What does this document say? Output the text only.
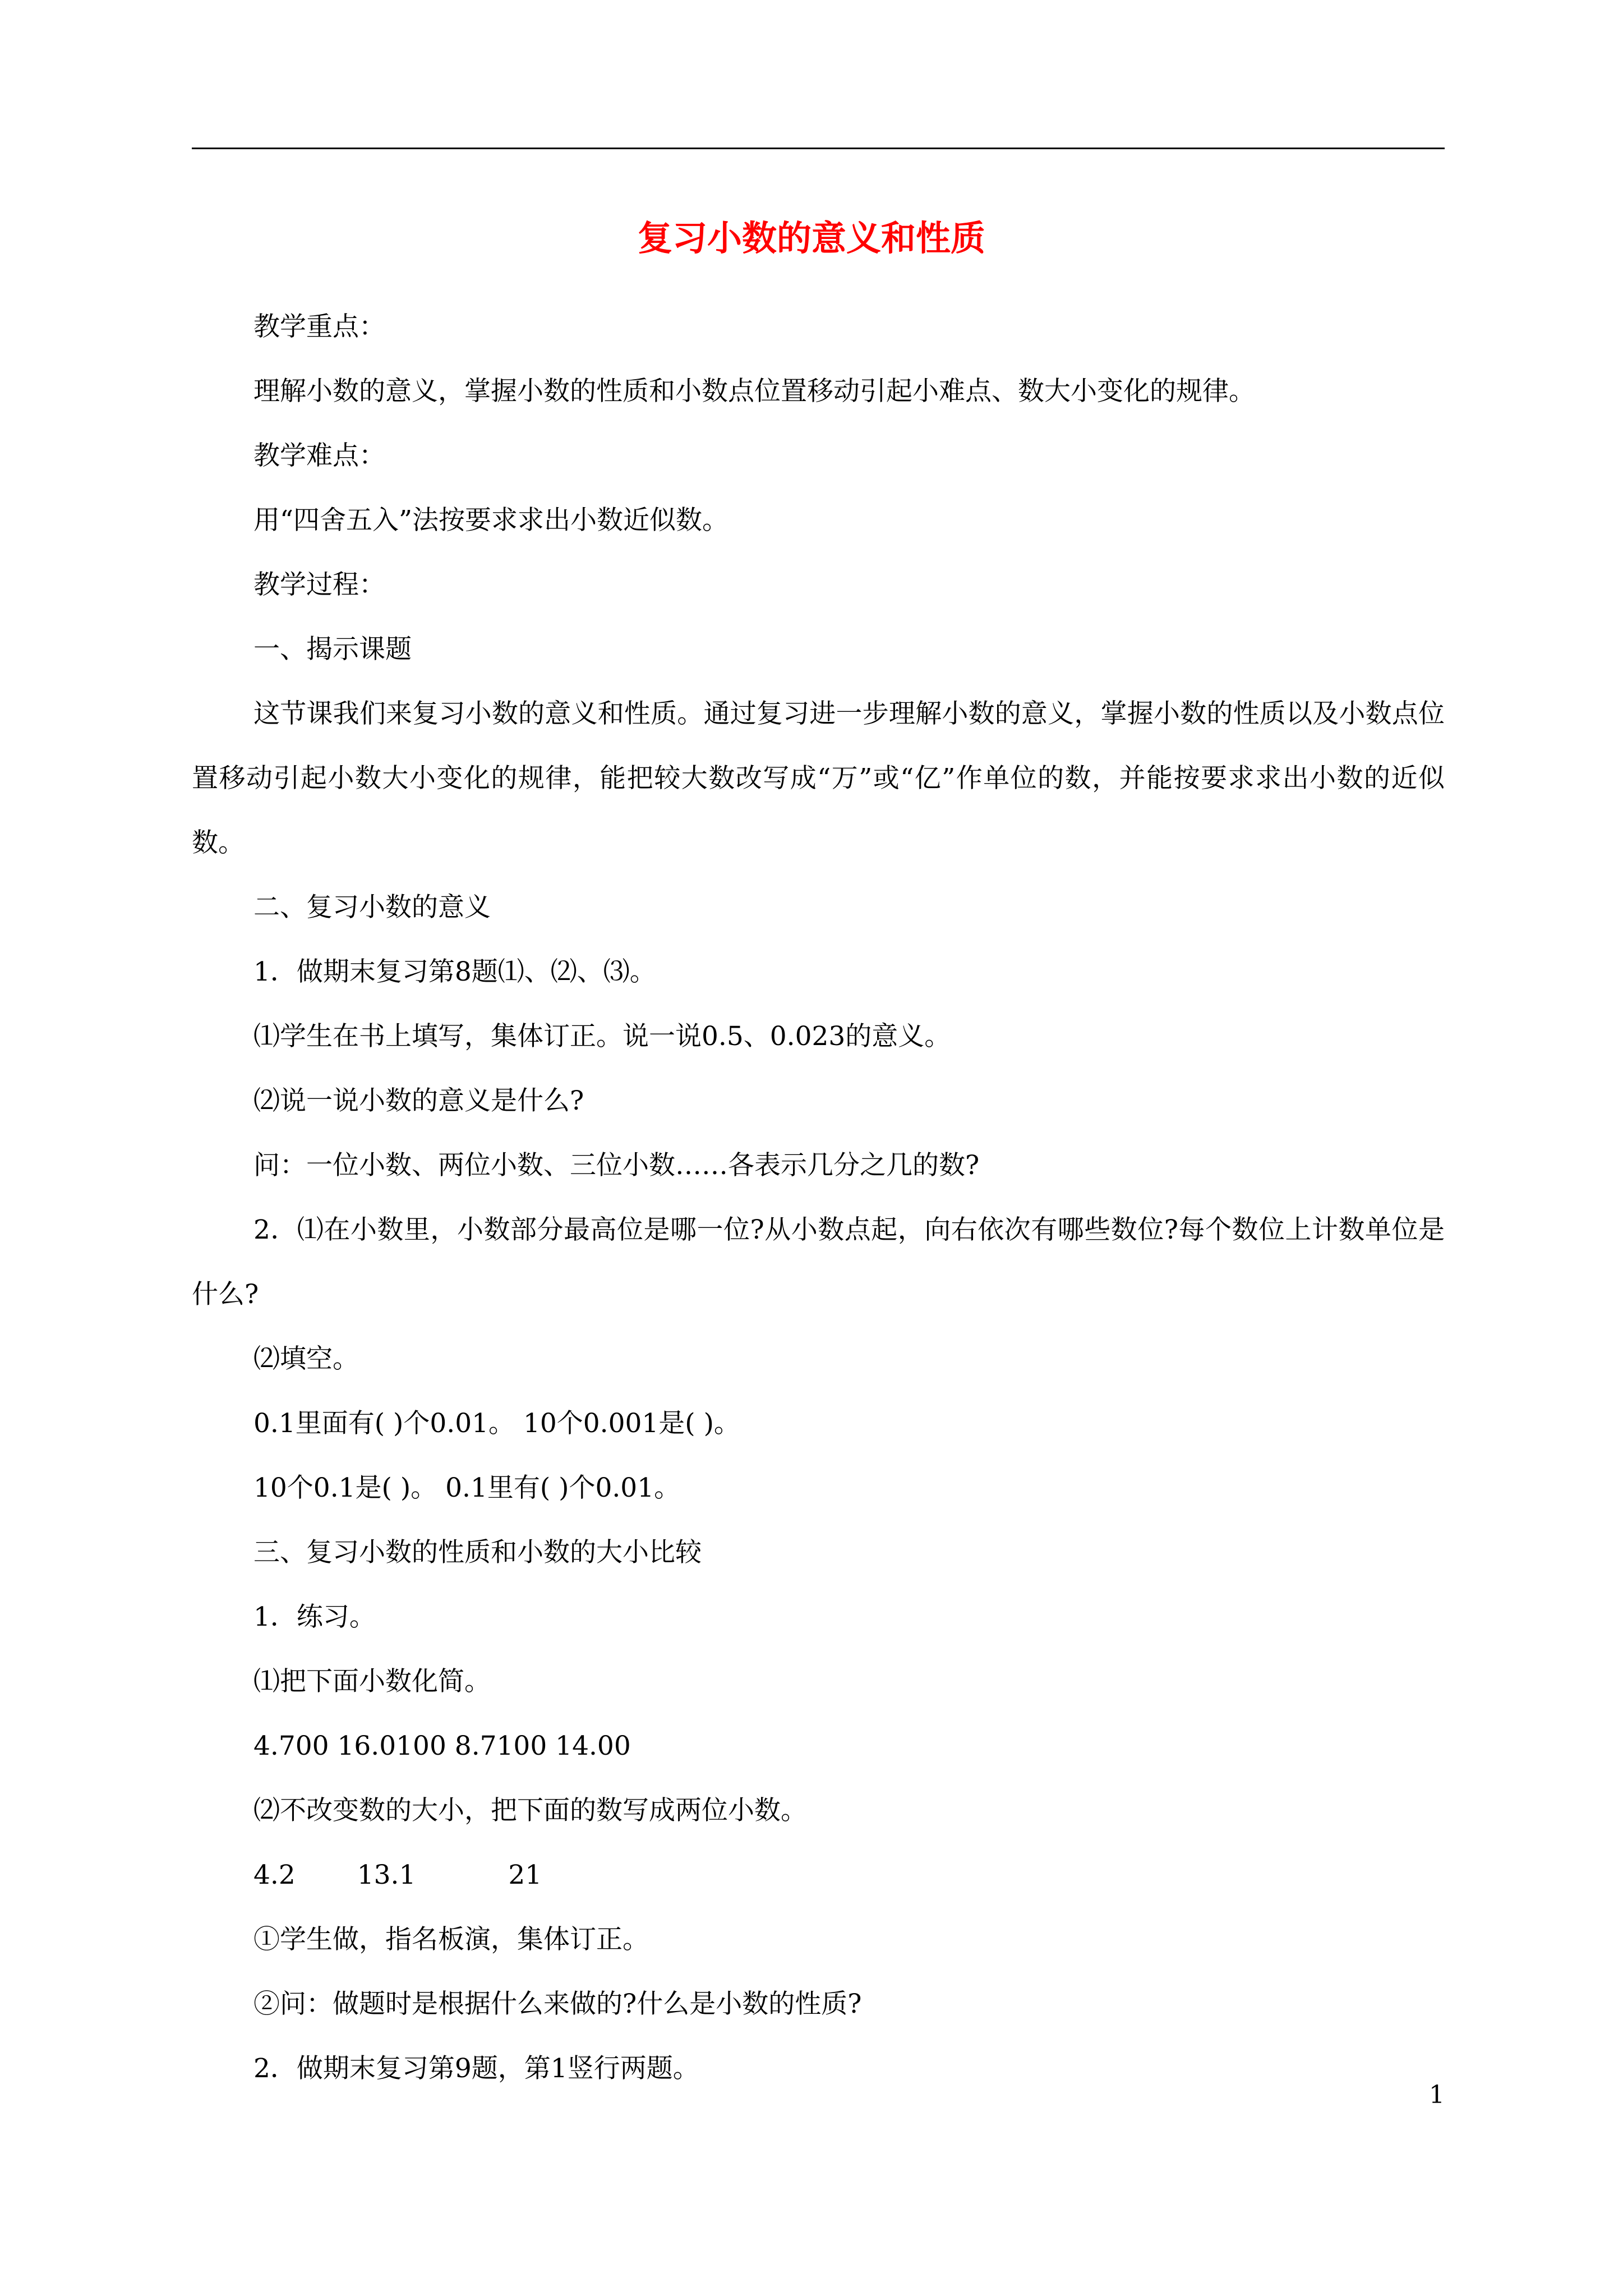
复习小数的意义和性质

教学重点：

理解小数的意义，掌握小数的性质和小数点位置移动引起小难点、数大小变化的规律。

教学难点：

用“四舍五入”法按要求求出小数近似数。

教学过程：

一、揭示课题

这节课我们来复习小数的意义和性质。通过复习进一步理解小数的意义，掌握小数的性质以及小数点位置移动引起小数大小变化的规律，能把较大数改写成“万”或“亿”作单位的数，并能按要求求出小数的近似数。

二、复习小数的意义

1．做期末复习第8题⑴、⑵、⑶。

⑴学生在书上填写，集体订正。说一说0.5、0.023的意义。

⑵说一说小数的意义是什么?

问：一位小数、两位小数、三位小数……各表示几分之几的数?

2．⑴在小数里，小数部分最高位是哪一位?从小数点起，向右依次有哪些数位?每个数位上计数单位是什么?

⑵填空。

0.1里面有( )个0.01。 10个0.001是( )。

10个0.1是( )。 0.1里有( )个0.01。

三、复习小数的性质和小数的大小比较

1．练习。

⑴把下面小数化简。

4.700 16.0100 8.7100 14.00

⑵不改变数的大小，把下面的数写成两位小数。

4.2 13.1	21

①学生做，指名板演，集体订正。

②问：做题时是根据什么来做的?什么是小数的性质?

2．做期末复习第9题，第1竖行两题。

1
